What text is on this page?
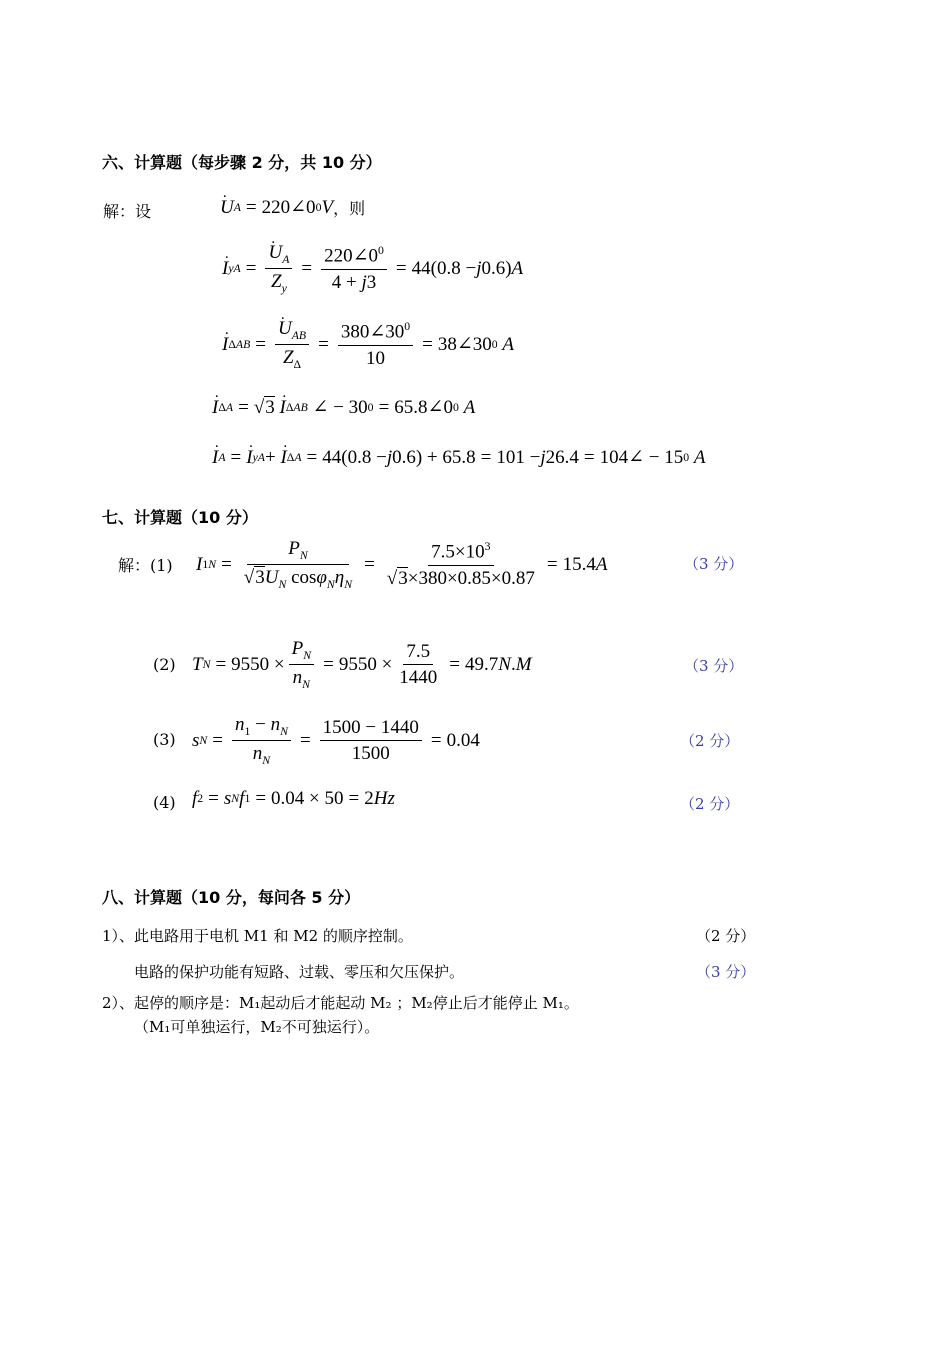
六、计算题（每步骤 2 分，共 10 分）
解：设	· U A = 220∠0 0 V ，则
· I yA = · $\frac{U_A}{Z_y} = \frac{220\angle 0^0}{4 + j3} = 44(0.8 - j$ 0.6) A
· I ΔAB = · $\frac{U_{AB}}{Z_\Delta} = \frac{380\angle 30^0}{10}$ = 38∠30 0
A
· I ΔA = √ 3
· I ΔAB ∠ − 30 0 = 65.8∠0 0
A
· I A = · I yA + · I ΔA = 44(0.8 − j 0.6) + 65.8 = 101 − j 26.4 = 104∠ − 15 0
A
七、计算题（10 分）
解：(1) I $1N = \frac{P_N}{√3U_N \cos\varphi_N\eta_N} = \frac{7.5\times 10^3}{√3\times 380\times 0.85\times 0.87} = 15.4$ A	（3 分）
(2) T $N = 9550 \times \frac{P_N}{n_N} = 9550 \times \frac{7.5}{1440} = 49.7$ N . M	（3 分）
(3) s $N = \frac{n_1 - n_N}{n_N} = \frac{1500 - 1440}{1500} = 0.04$	（2 分）
(4) f 2 = s N f 1 = 0.04 × 50 = 2 Hz	（2 分）
八、计算题（10 分，每问各 5 分）
1）、此电路用于电机 M1 和 M2 的顺序控制。	（2 分）
电路的保护功能有短路、过载、零压和欠压保护。	（3 分）
2）、起停的顺序是：M₁起动后才能起动 M₂ ；M₂停止后才能停止 M₁。
（M₁可单独运行，M₂不可独运行）。
